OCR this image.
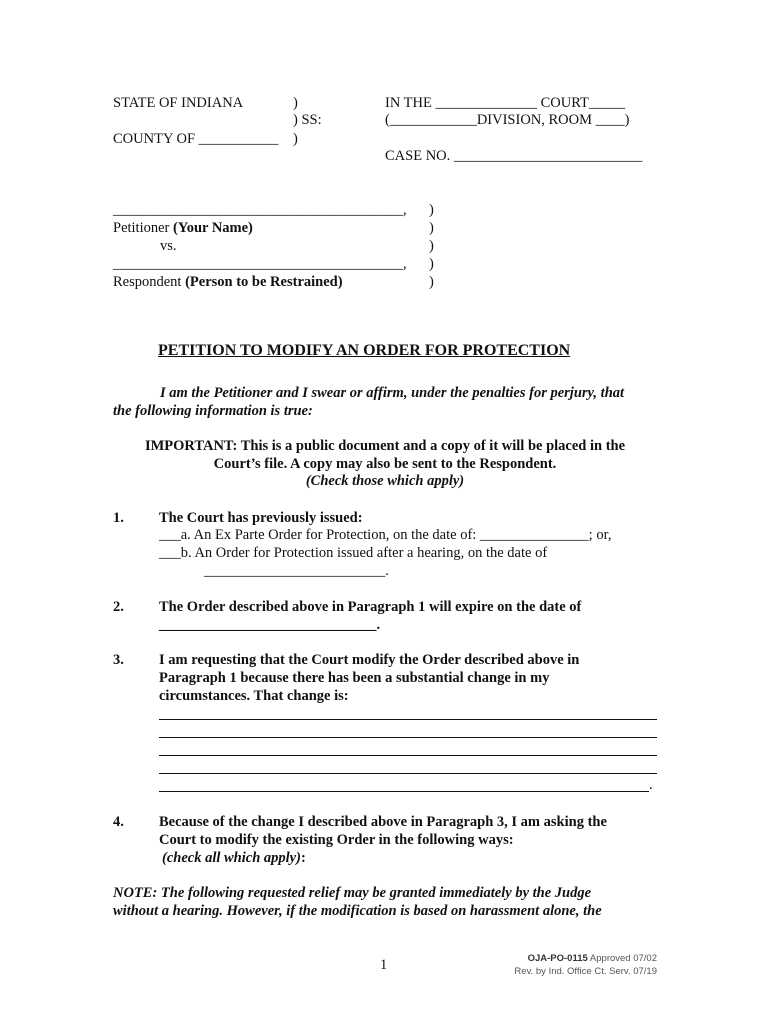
STATE OF INDIANA	)
) SS:
COUNTY OF ___________ )
IN THE ______________ COURT_____
(____________DIVISION, ROOM ____)
CASE NO. __________________________
________________________________________,
Petitioner (Your Name)
vs.
________________________________________,
Respondent (Person to be Restrained)
)
)
)
)
)
PETITION TO MODIFY AN ORDER FOR PROTECTION
I am the Petitioner and I swear or affirm, under the penalties for perjury, that
the following information is true:
IMPORTANT: This is a public document and a copy of it will be placed in the
Court’s file. A copy may also be sent to the Respondent.
(Check those which apply)
1. The Court has previously issued:
___a. An Ex Parte Order for Protection, on the date of: _______________; or,
___b. An Order for Protection issued after a hearing, on the date of
_________________________.
2. The Order described above in Paragraph 1 will expire on the date of
______________________________.
3. I am requesting that the Court modify the Order described above in
Paragraph 1 because there has been a substantial change in my
circumstances. That change is:
.
4. Because of the change I described above in Paragraph 3, I am asking the
Court to modify the existing Order in the following ways:
(check all which apply):
NOTE: The following requested relief may be granted immediately by the Judge
without a hearing. However, if the modification is based on harassment alone, the
1	OJA-PO-0115 Approved 07/02
Rev. by Ind. Office Ct. Serv. 07/19
